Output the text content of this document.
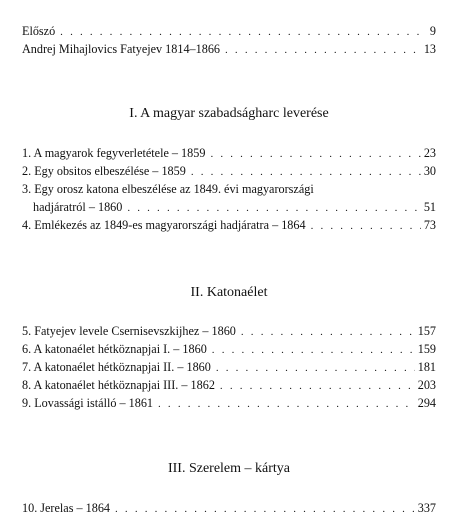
Előszó . . .	9
Andrej Mihajlovics Fatyejev 1814–1866 . . .	13
I. A magyar szabadságharc leverése
1. A magyarok fegyverletétele – 1859 . . .	23
2. Egy obsitos elbeszélése – 1859 . . .	30
3. Egy orosz katona elbeszélése az 1849. évi magyarországi
hadjáratról – 1860 . . .	51
4. Emlékezés az 1849-es magyarországi hadjáratra – 1864 . . .	73
II. Katonaélet
5. Fatyejev levele Csernisevszkijhez – 1860 . . .	157
6. A katonaélet hétköznapjai I. – 1860 . . .	159
7. A katonaélet hétköznapjai II. – 1860 . . .	181
8. A katonaélet hétköznapjai III. – 1862 . . .	203
9. Lovassági istálló – 1861 . . .	294
III. Szerelem – kártya
10. Jerelas – 1864 . . .	337
